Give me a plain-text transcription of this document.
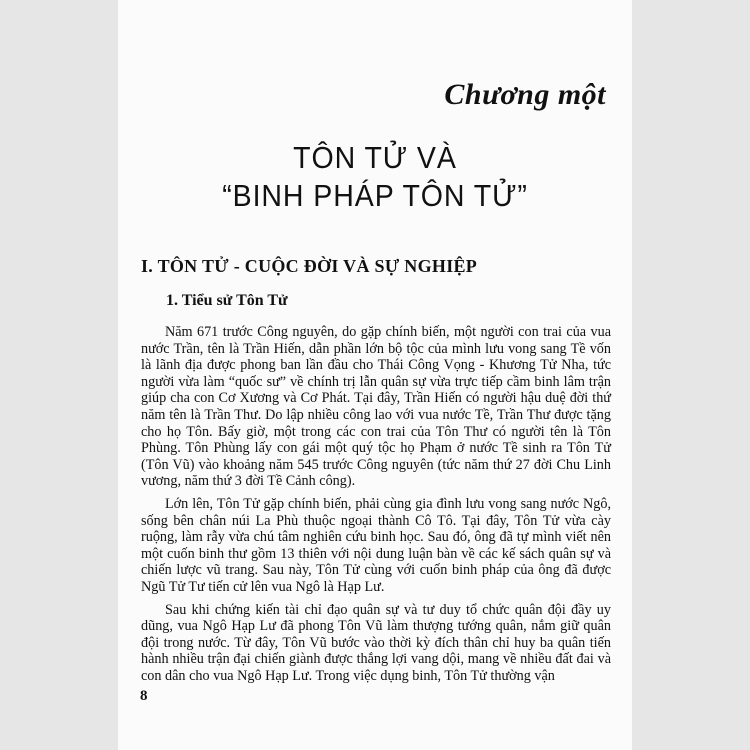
Chương một
TÔN TỬ VÀ
“BINH PHÁP TÔN TỬ”
I. TÔN TỬ - CUỘC ĐỜI VÀ SỰ NGHIỆP
1. Tiểu sử Tôn Tử

Năm 671 trước Công nguyên, do gặp chính biến, một người con trai của vua nước Trần, tên là Trần Hiến, dẫn phần lớn bộ tộc của mình lưu vong sang Tề vốn là lãnh địa được phong ban lần đầu cho Thái Công Vọng - Khương Tử Nha, tức người vừa làm “quốc sư” về chính trị lẫn quân sự vừa trực tiếp cầm binh lâm trận giúp cha con Cơ Xương và Cơ Phát. Tại đây, Trần Hiến có người hậu duệ đời thứ năm tên là Trần Thư. Do lập nhiều công lao với vua nước Tề, Trần Thư được tặng cho họ Tôn. Bấy giờ, một trong các con trai của Tôn Thư có người tên là Tôn Phùng. Tôn Phùng lấy con gái một quý tộc họ Phạm ở nước Tề sinh ra Tôn Tử (Tôn Vũ) vào khoảng năm 545 trước Công nguyên (tức năm thứ 27 đời Chu Linh vương, năm thứ 3 đời Tề Cảnh công).

Lớn lên, Tôn Tử gặp chính biến, phải cùng gia đình lưu vong sang nước Ngô, sống bên chân núi La Phù thuộc ngoại thành Cô Tô. Tại đây, Tôn Tử vừa cày ruộng, làm rẫy vừa chú tâm nghiên cứu binh học. Sau đó, ông đã tự mình viết nên một cuốn binh thư gồm 13 thiên với nội dung luận bàn về các kế sách quân sự và chiến lược vũ trang. Sau này, Tôn Tử cùng với cuốn binh pháp của ông đã được Ngũ Tử Tư tiến cử lên vua Ngô là Hạp Lư.

Sau khi chứng kiến tài chỉ đạo quân sự và tư duy tổ chức quân đội đầy uy dũng, vua Ngô Hạp Lư đã phong Tôn Vũ làm thượng tướng quân, nắm giữ quân đội trong nước. Từ đây, Tôn Vũ bước vào thời kỳ đích thân chỉ huy ba quân tiến hành nhiều trận đại chiến giành được thắng lợi vang dội, mang về nhiều đất đai và con dân cho vua Ngô Hạp Lư. Trong việc dụng binh, Tôn Tử thường vận

8
